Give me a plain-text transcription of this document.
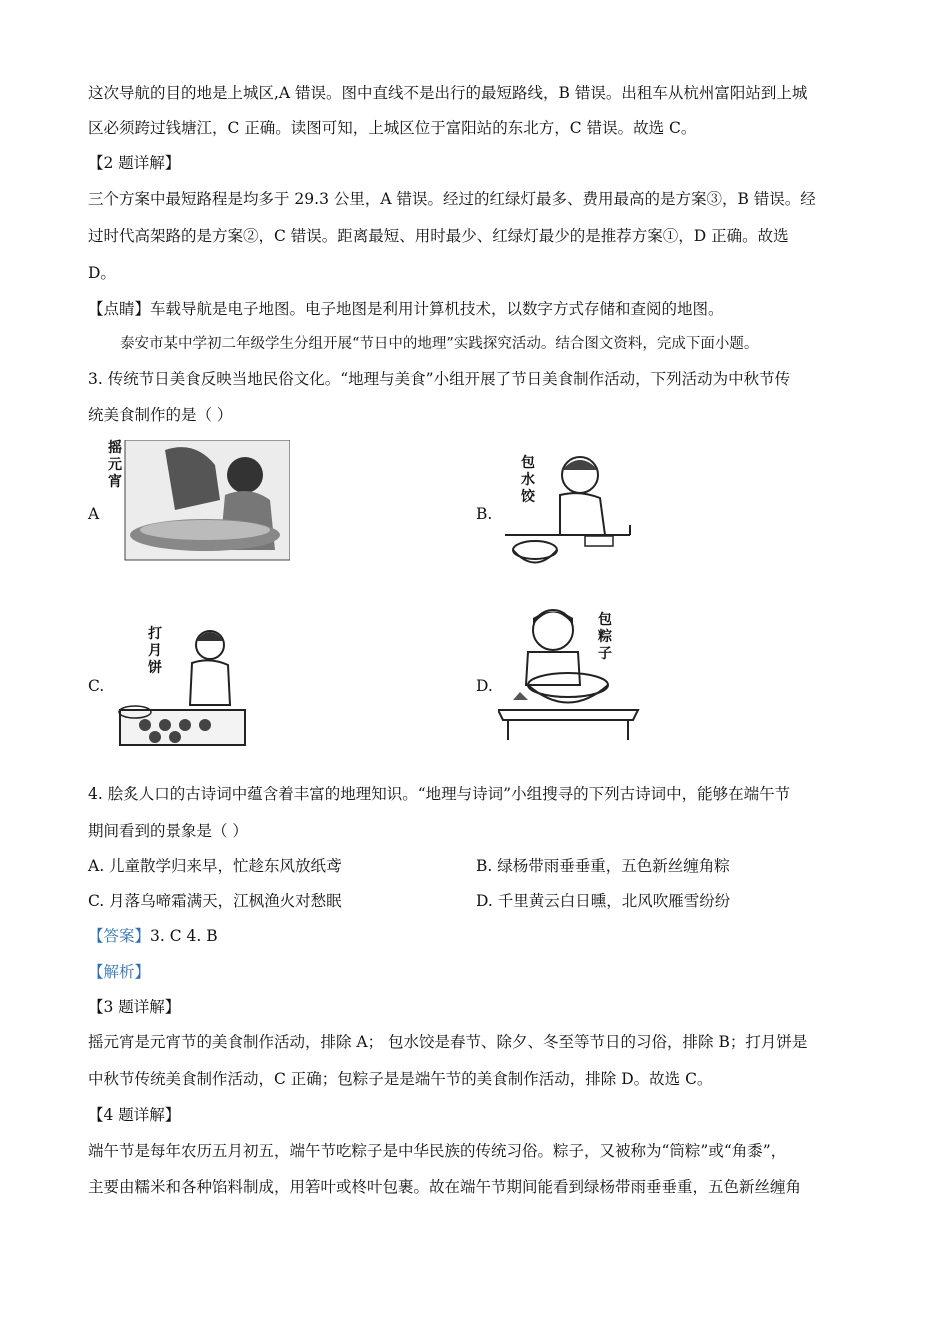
这次导航的目的地是上城区,A 错误。图中直线不是出行的最短路线，B 错误。出租车从杭州富阳站到上城
区必须跨过钱塘江，C 正确。读图可知，上城区位于富阳站的东北方，C 错误。故选 C。
【2 题详解】
三个方案中最短路程是均多于 29.3 公里，A 错误。经过的红绿灯最多、费用最高的是方案③，B 错误。经
过时代高架路的是方案②，C 错误。距离最短、用时最少、红绿灯最少的是推荐方案①，D 正确。故选
D。
【点睛】车载导航是电子地图。电子地图是利用计算机技术，以数字方式存储和查阅的地图。
泰安市某中学初二年级学生分组开展“节日中的地理”实践探究活动。结合图文资料，完成下面小题。
3. 传统节日美食反映当地民俗文化。“地理与美食”小组开展了节日美食制作活动，下列活动为中秋节传
统美食制作的是（ ）
A
摇元宵
B.
包水饺
C.
打月饼
D.
包粽子
4. 脍炙人口的古诗词中蕴含着丰富的地理知识。“地理与诗词”小组搜寻的下列古诗词中，能够在端午节
期间看到的景象是（ ）
A. 儿童散学归来早，忙趁东风放纸鸢	B. 绿杨带雨垂垂重，五色新丝缠角粽
C. 月落乌啼霜满天，江枫渔火对愁眠	D. 千里黄云白日曛，北风吹雁雪纷纷
【答案】3. C 4. B
【解析】
【3 题详解】
摇元宵是元宵节的美食制作活动，排除 A； 包水饺是春节、除夕、冬至等节日的习俗，排除 B；打月饼是
中秋节传统美食制作活动，C 正确；包粽子是是端午节的美食制作活动，排除 D。故选 C。
【4 题详解】
端午节是每年农历五月初五，端午节吃粽子是中华民族的传统习俗。粽子，又被称为“筒粽”或“角黍”，
主要由糯米和各种馅料制成，用箬叶或柊叶包裹。故在端午节期间能看到绿杨带雨垂垂重，五色新丝缠角
